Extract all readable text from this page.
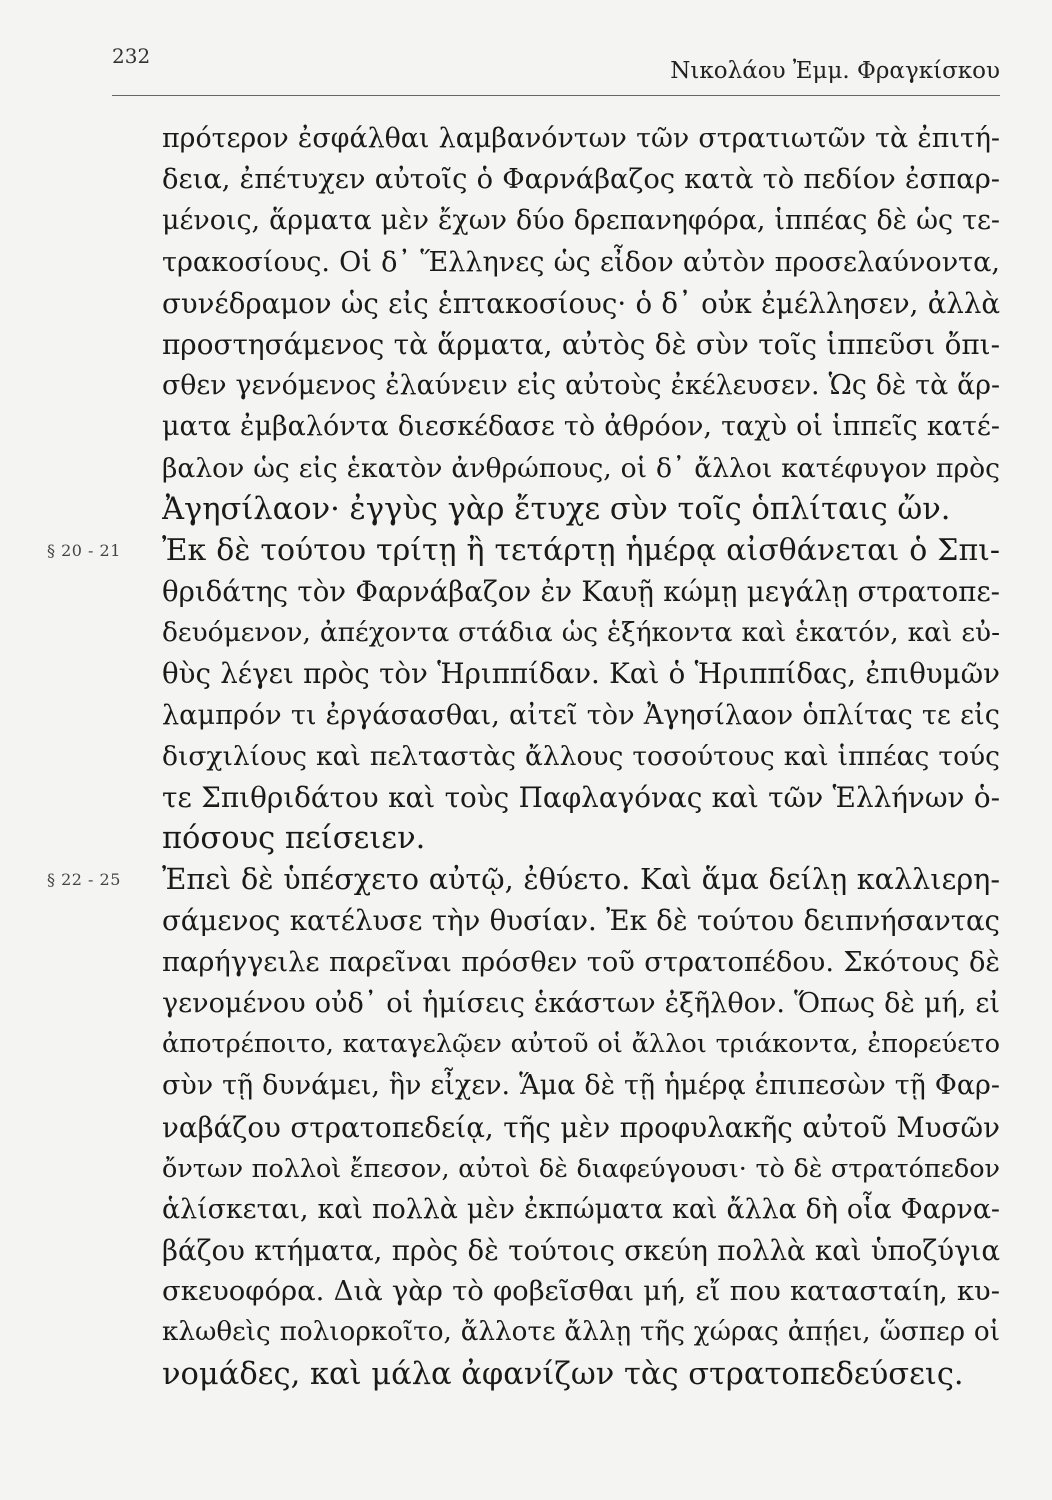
232
Νικολάου Ἐμμ. Φραγκίσκου
πρότερον ἐσφάλθαι λαμβανόντων τῶν στρατιωτῶν τὰ ἐπιτή-
δεια, ἐπέτυχεν αὐτοῖς ὁ Φαρνάβαζος κατὰ τὸ πεδίον ἐσπαρ-
μένοις, ἅρματα μὲν ἔχων δύο δρεπανηφόρα, ἱππέας δὲ ὡς τε-
τρακοσίους. Οἱ δ᾽ Ἕλληνες ὡς εἶδον αὐτὸν προσελαύνοντα,
συνέδραμον ὡς εἰς ἑπτακοσίους· ὁ δ᾽ οὐκ ἐμέλλησεν, ἀλλὰ
προστησάμενος τὰ ἅρματα, αὐτὸς δὲ σὺν τοῖς ἱππεῦσι ὄπι-
σθεν γενόμενος ἐλαύνειν εἰς αὐτοὺς ἐκέλευσεν. Ὡς δὲ τὰ ἅρ-
ματα ἐμβαλόντα διεσκέδασε τὸ ἀθρόον, ταχὺ οἱ ἱππεῖς κατέ-
βαλον ὡς εἰς ἑκατὸν ἀνθρώπους, οἱ δ᾽ ἄλλοι κατέφυγον πρὸς
Ἀγησίλαον· ἐγγὺς γὰρ ἔτυχε σὺν τοῖς ὁπλίταις ὤν.
§ 20 - 21 Ἐκ δὲ τούτου τρίτῃ ἢ τετάρτῃ ἡμέρᾳ αἰσθάνεται ὁ Σπι-
θριδάτης τὸν Φαρνάβαζον ἐν Καυῇ κώμῃ μεγάλῃ στρατοπε-
δευόμενον, ἀπέχοντα στάδια ὡς ἑξήκοντα καὶ ἑκατόν, καὶ εὐ-
θὺς λέγει πρὸς τὸν Ἡριππίδαν. Καὶ ὁ Ἡριππίδας, ἐπιθυμῶν
λαμπρόν τι ἐργάσασθαι, αἰτεῖ τὸν Ἀγησίλαον ὁπλίτας τε εἰς
δισχιλίους καὶ πελταστὰς ἄλλους τοσούτους καὶ ἱππέας τούς
τε Σπιθριδάτου καὶ τοὺς Παφλαγόνας καὶ τῶν Ἑλλήνων ὁ-
πόσους πείσειεν.
§ 22 - 25 Ἐπεὶ δὲ ὑπέσχετο αὐτῷ, ἐθύετο. Καὶ ἅμα δείλῃ καλλιερη-
σάμενος κατέλυσε τὴν θυσίαν. Ἐκ δὲ τούτου δειπνήσαντας
παρήγγειλε παρεῖναι πρόσθεν τοῦ στρατοπέδου. Σκότους δὲ
γενομένου οὐδ᾽ οἱ ἡμίσεις ἑκάστων ἐξῆλθον. Ὅπως δὲ μή, εἰ
ἀποτρέποιτο, καταγελῷεν αὐτοῦ οἱ ἄλλοι τριάκοντα, ἐπορεύετο
σὺν τῇ δυνάμει, ἣν εἶχεν. Ἅμα δὲ τῇ ἡμέρᾳ ἐπιπεσὼν τῇ Φαρ-
ναβάζου στρατοπεδείᾳ, τῆς μὲν προφυλακῆς αὐτοῦ Μυσῶν
ὄντων πολλοὶ ἔπεσον, αὐτοὶ δὲ διαφεύγουσι· τὸ δὲ στρατόπεδον
ἁλίσκεται, καὶ πολλὰ μὲν ἐκπώματα καὶ ἄλλα δὴ οἷα Φαρνα-
βάζου κτήματα, πρὸς δὲ τούτοις σκεύη πολλὰ καὶ ὑποζύγια
σκευοφόρα. Διὰ γὰρ τὸ φοβεῖσθαι μή, εἴ που κατασταίη, κυ-
κλωθεὶς πολιορκοῖτο, ἄλλοτε ἄλλῃ τῆς χώρας ἀπῄει, ὥσπερ οἱ
νομάδες, καὶ μάλα ἀφανίζων τὰς στρατοπεδεύσεις.
